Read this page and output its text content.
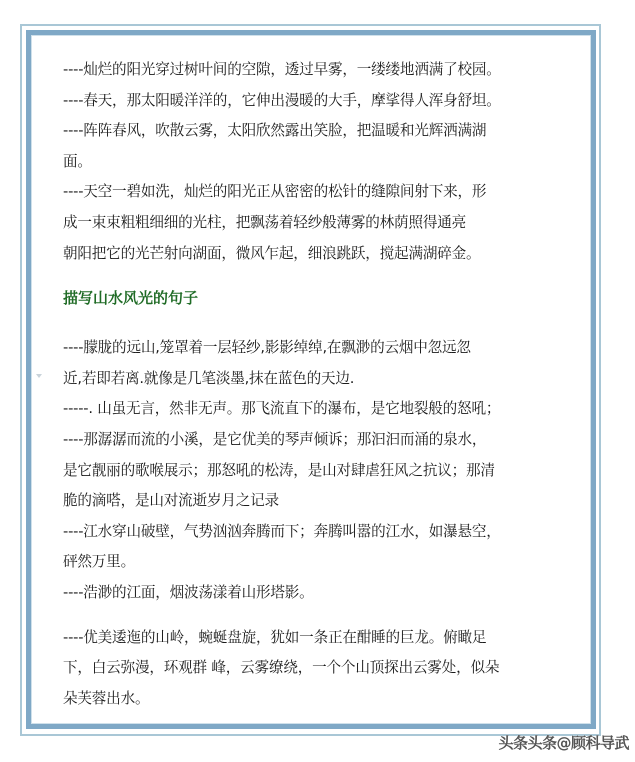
----灿烂的阳光穿过树叶间的空隙，透过早雾，一缕缕地洒满了校园。
----春天，那太阳暖洋洋的，它伸出漫暖的大手，摩挲得人浑身舒坦。
----阵阵春风，吹散云雾，太阳欣然露出笑脸，把温暖和光辉洒满湖
面。
----天空一碧如洗，灿烂的阳光正从密密的松针的缝隙间射下来，形
成一束束粗粗细细的光柱，把飘荡着轻纱般薄雾的林荫照得通亮
朝阳把它的光芒射向湖面，微风乍起，细浪跳跃，搅起满湖碎金。
描写山水风光的句子
----朦胧的远山,笼罩着一层轻纱,影影绰绰,在飘渺的云烟中忽远忽
近,若即若离.就像是几笔淡墨,抹在蓝色的天边.
-----. 山虽无言，然非无声。那飞流直下的瀑布，是它地裂般的怒吼；
----那潺潺而流的小溪，是它优美的琴声倾诉；那汩汩而涌的泉水，
是它靓丽的歌喉展示；那怒吼的松涛，是山对肆虐狂风之抗议；那清
脆的滴嗒，是山对流逝岁月之记录
----江水穿山破壁，气势汹汹奔腾而下；奔腾叫嚣的江水，如瀑悬空，
砰然万里。
----浩渺的江面，烟波荡漾着山形塔影。
----优美逶迤的山岭，蜿蜒盘旋，犹如一条正在酣睡的巨龙。俯瞰足
下，白云弥漫，环观群 峰，云雾缭绕，一个个山顶探出云雾处，似朵
朵芙蓉出水。
头条头条@顾科导武
